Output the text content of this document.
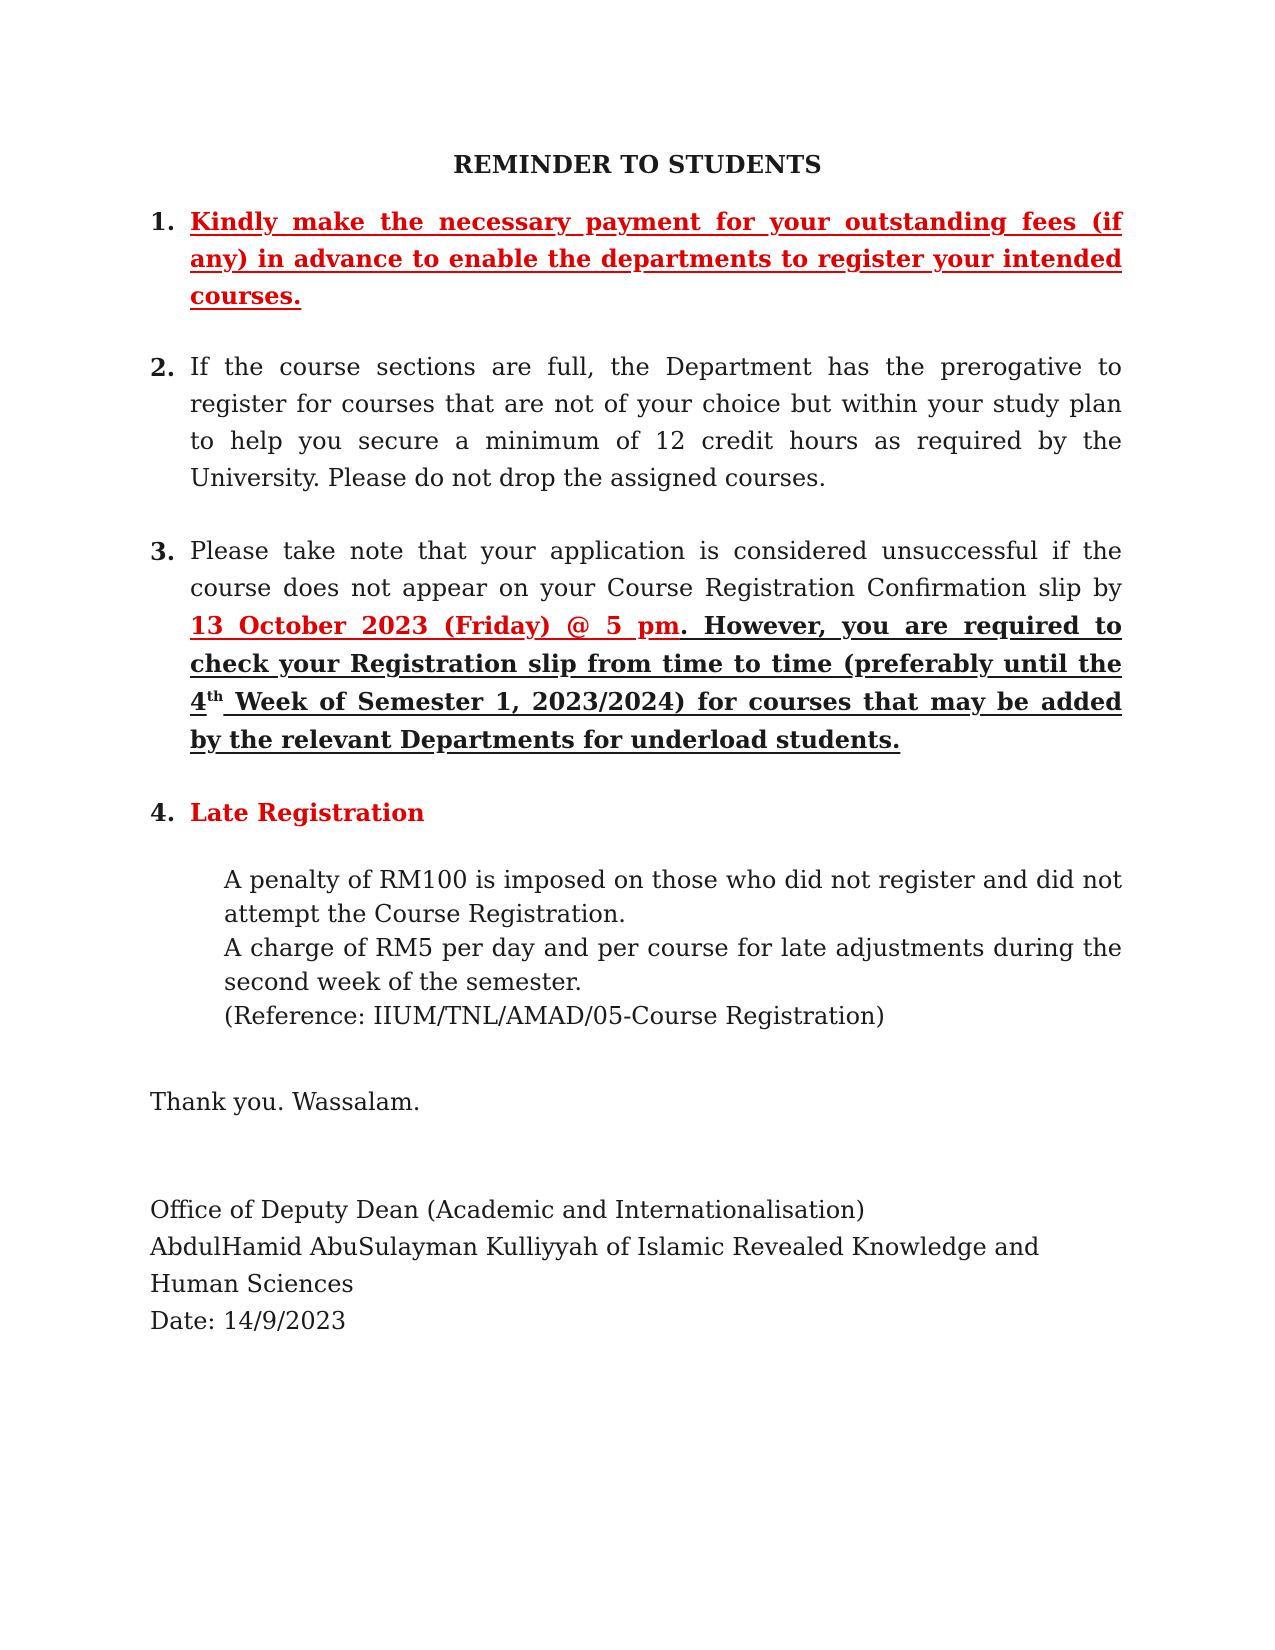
REMINDER TO STUDENTS
1. Kindly make the necessary payment for your outstanding fees (if any) in advance to enable the departments to register your intended courses.
2. If the course sections are full, the Department has the prerogative to register for courses that are not of your choice but within your study plan to help you secure a minimum of 12 credit hours as required by the University. Please do not drop the assigned courses.
3. Please take note that your application is considered unsuccessful if the course does not appear on your Course Registration Confirmation slip by 13 October 2023 (Friday) @ 5 pm. However, you are required to check your Registration slip from time to time (preferably until the 4th Week of Semester 1, 2023/2024) for courses that may be added by the relevant Departments for underload students.
4. Late Registration

A penalty of RM100 is imposed on those who did not register and did not attempt the Course Registration.

A charge of RM5 per day and per course for late adjustments during the second week of the semester.

(Reference: IIUM/TNL/AMAD/05-Course Registration)

Thank you. Wassalam.
Office of Deputy Dean (Academic and Internationalisation)
AbdulHamid AbuSulayman Kulliyyah of Islamic Revealed Knowledge and
Human Sciences
Date: 14/9/2023
